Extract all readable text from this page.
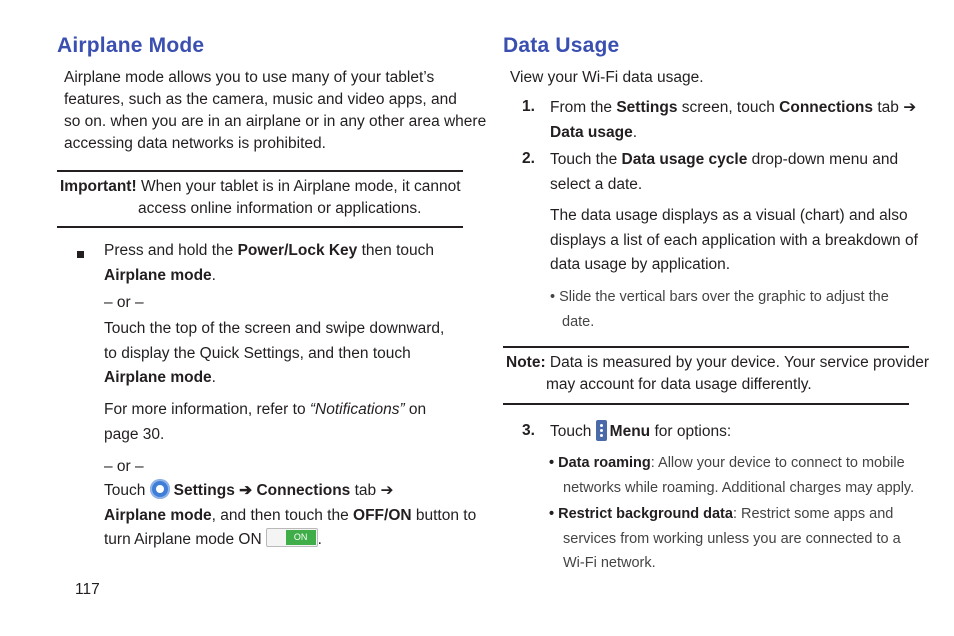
Airplane Mode
Airplane mode allows you to use many of your tablet’s
features, such as the camera, music and video apps, and
so on. when you are in an airplane or in any other area where
accessing data networks is prohibited.
Important! When your tablet is in Airplane mode, it cannot
access online information or applications.
Press and hold the Power/Lock Key then touch
Airplane mode.
– or –
Touch the top of the screen and swipe downward,
to display the Quick Settings, and then touch
Airplane mode.
For more information, refer to “Notifications” on
page 30.
– or –
Touch Settings ➔ Connections tab ➔
Airplane mode, and then touch the OFF/ON button to
turn Airplane mode ON	ON .
117
Data Usage
View your Wi-Fi data usage.
1. From the Settings screen, touch Connections tab ➔
Data usage.
2. Touch the Data usage cycle drop-down menu and
select a date.
The data usage displays as a visual (chart) and also
displays a list of each application with a breakdown of
data usage by application.
• Slide the vertical bars over the graphic to adjust the
date.
Note: Data is measured by your device. Your service provider
may account for data usage differently.
3. Touch
Menu for options:
• Data roaming: Allow your device to connect to mobile
networks while roaming. Additional charges may apply.
• Restrict background data: Restrict some apps and
services from working unless you are connected to a
Wi-Fi network.
